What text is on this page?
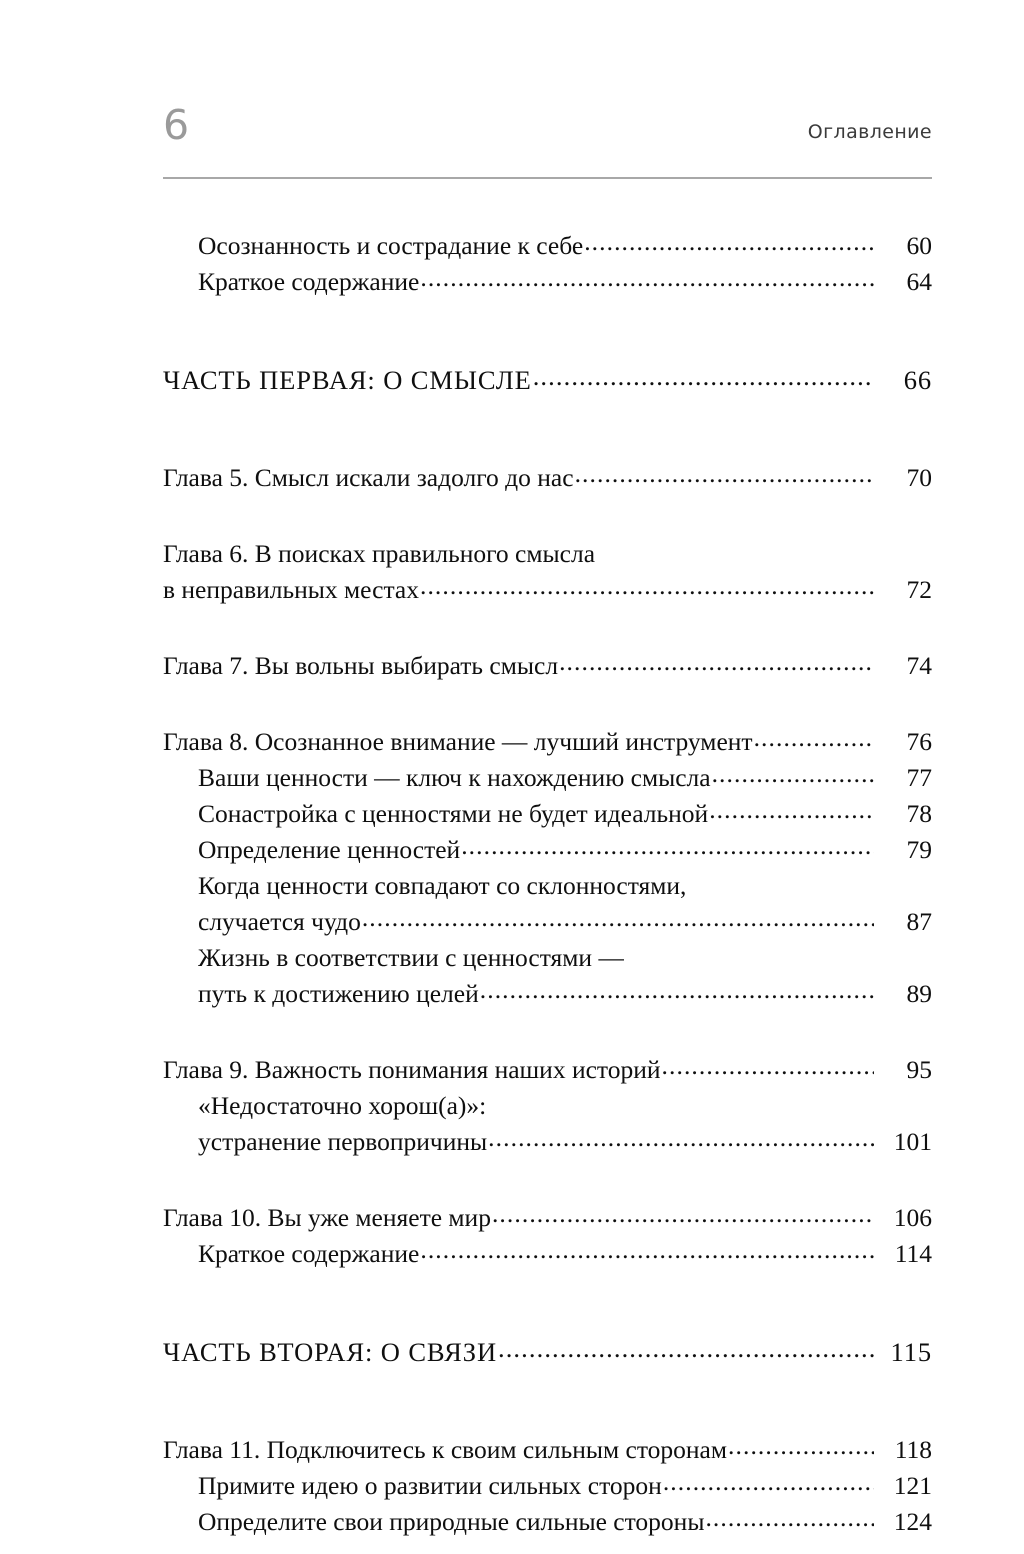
6	Оглавление
Осознанность и сострадание к себе .....	60
Краткое содержание .....	64
ЧАСТЬ ПЕРВАЯ: О СМЫСЛЕ .....	66
Глава 5. Смысл искали задолго до нас .....	70
Глава 6. В поисках правильного смысла
в неправильных местах .....	72
Глава 7. Вы вольны выбирать смысл .....	74
Глава 8. Осознанное внимание — лучший инструмент .....	76
Ваши ценности — ключ к нахождению смысла .....	77
Сонастройка с ценностями не будет идеальной .....	78
Определение ценностей .....	79
Когда ценности совпадают со склонностями,
случается чудо .....	87
Жизнь в соответствии с ценностями —
путь к достижению целей .....	89
Глава 9. Важность понимания наших историй .....	95
«Недостаточно хорош(а)»:
устранение первопричины .....	101
Глава 10. Вы уже меняете мир .....	106
Краткое содержание .....	114
ЧАСТЬ ВТОРАЯ: О СВЯЗИ .....	115
Глава 11. Подключитесь к своим сильным сторонам .....	118
Примите идею о развитии сильных сторон .....	121
Определите свои природные сильные стороны .....	124
